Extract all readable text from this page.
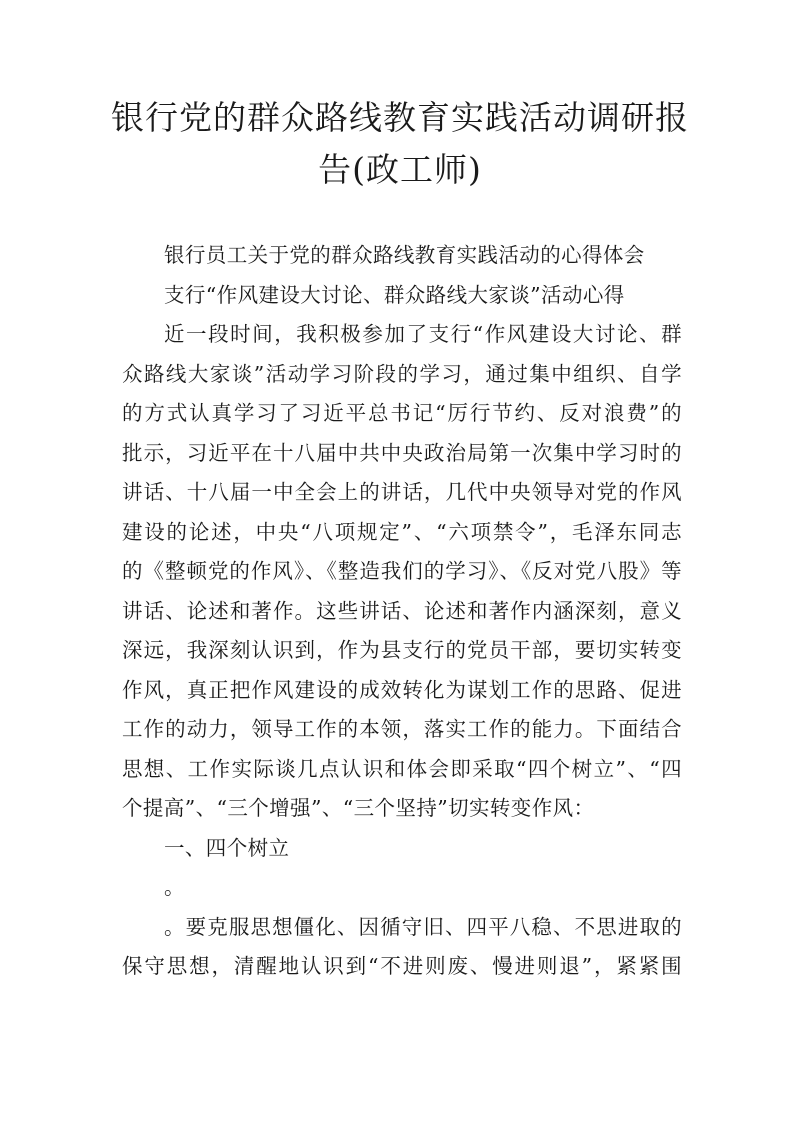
银行党的群众路线教育实践活动调研报
告(政工师)
银行员工关于党的群众路线教育实践活动的心得体会
支行“作风建设大讨论、群众路线大家谈”活动心得
近一段时间，我积极参加了支行“作风建设大讨论、群
众路线大家谈”活动学习阶段的学习，通过集中组织、自学
的方式认真学习了习近平总书记“厉行节约、反对浪费”的
批示，习近平在十八届中共中央政治局第一次集中学习时的
讲话、十八届一中全会上的讲话，几代中央领导对党的作风
建设的论述，中央“八项规定”、“六项禁令”，毛泽东同志
的《整顿党的作风》、《整造我们的学习》、《反对党八股》等
讲话、论述和著作。这些讲话、论述和著作内涵深刻，意义
深远，我深刻认识到，作为县支行的党员干部，要切实转变
作风，真正把作风建设的成效转化为谋划工作的思路、促进
工作的动力，领导工作的本领，落实工作的能力。下面结合
思想、工作实际谈几点认识和体会即采取“四个树立”、“四
个提高”、“三个增强”、“三个坚持”切实转变作风：
一、四个树立
。
。要克服思想僵化、因循守旧、四平八稳、不思进取的
保守思想，清醒地认识到“不进则废、慢进则退”，紧紧围
